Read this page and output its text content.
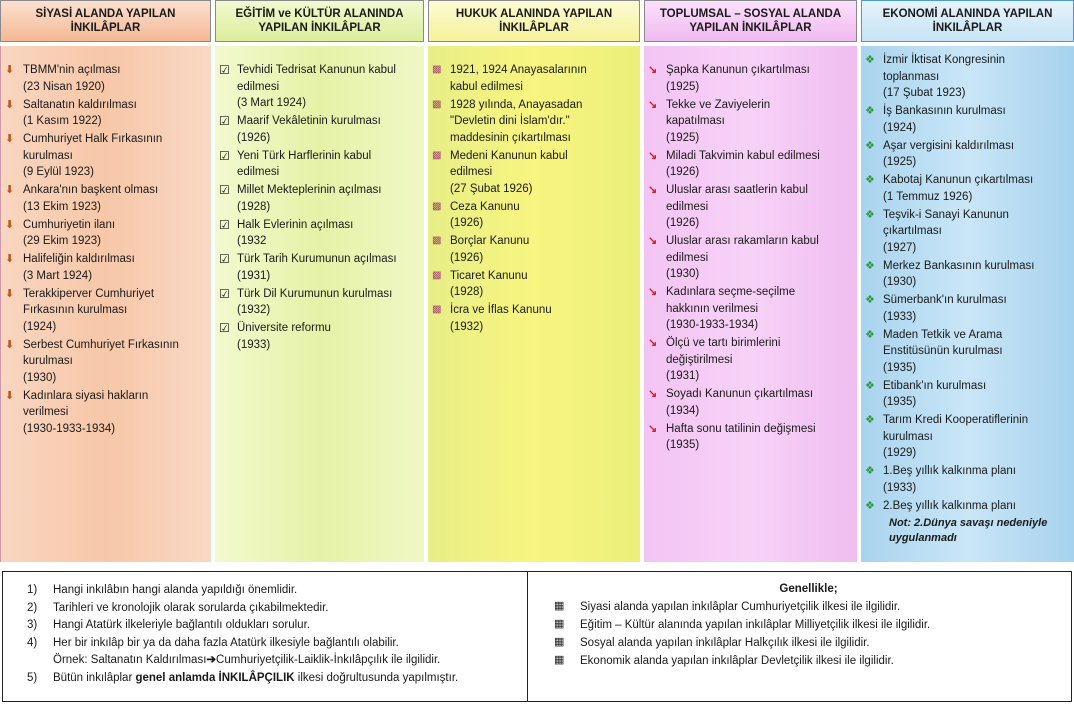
SİYASİ ALANDA YAPILAN
İNKILÂPLAR
⬇ TBMM'nin açılması
(23 Nisan 1920)
⬇ Saltanatın kaldırılması
(1 Kasım 1922)
⬇ Cumhuriyet Halk Fırkasının
kurulması
(9 Eylül 1923)
⬇ Ankara'nın başkent olması
(13 Ekim 1923)
⬇ Cumhuriyetin ilanı
(29 Ekim 1923)
⬇ Halifeliğin kaldırılması
(3 Mart 1924)
⬇ Terakkiperver Cumhuriyet
Fırkasının kurulması
(1924)
⬇ Serbest Cumhuriyet Fırkasının
kurulması
(1930)
⬇ Kadınlara siyasi hakların
verilmesi
(1930-1933-1934)
EĞİTİM ve KÜLTÜR ALANINDA
YAPILAN İNKILÂPLAR
☑ Tevhidi Tedrisat Kanunun kabul
edilmesi
(3 Mart 1924)
☑ Maarif Vekâletinin kurulması
(1926)
☑ Yeni Türk Harflerinin kabul
edilmesi
☑ Millet Mekteplerinin açılması
(1928)
☑ Halk Evlerinin açılması
(1932
☑ Türk Tarih Kurumunun açılması
(1931)
☑ Türk Dil Kurumunun kurulması
(1932)
☑ Üniversite reformu
(1933)
HUKUK ALANINDA YAPILAN
İNKILÂPLAR
▩ 1921, 1924 Anayasalarının
kabul edilmesi
▩ 1928 yılında, Anayasadan
"Devletin dini İslam'dır."
maddesinin çıkartılması
▩ Medeni Kanunun kabul
edilmesi
(27 Şubat 1926)
▩ Ceza Kanunu
(1926)
▩ Borçlar Kanunu
(1926)
▩ Ticaret Kanunu
(1928)
▩ İcra ve İflas Kanunu
(1932)
TOPLUMSAL – SOSYAL ALANDA
YAPILAN İNKILÂPLAR
↘ Şapka Kanunun çıkartılması
(1925)
↘ Tekke ve Zaviyelerin
kapatılması
(1925)
↘ Miladi Takvimin kabul edilmesi
(1926)
↘ Uluslar arası saatlerin kabul
edilmesi
(1926)
↘ Uluslar arası rakamların kabul
edilmesi
(1930)
↘ Kadınlara seçme-seçilme
hakkının verilmesi
(1930-1933-1934)
↘ Ölçü ve tartı birimlerini
değiştirilmesi
(1931)
↘ Soyadı Kanunun çıkartılması
(1934)
↘ Hafta sonu tatilinin değişmesi
(1935)
EKONOMİ ALANINDA YAPILAN
İNKILÂPLAR
❖ İzmir İktisat Kongresinin
toplanması
(17 Şubat 1923)
❖ İş Bankasının kurulması
(1924)
❖ Aşar vergisini kaldırılması
(1925)
❖ Kabotaj Kanunun çıkartılması
(1 Temmuz 1926)
❖ Teşvik-i Sanayi Kanunun
çıkartılması
(1927)
❖ Merkez Bankasının kurulması
(1930)
❖ Sümerbank'ın kurulması
(1933)
❖ Maden Tetkik ve Arama
Enstitüsünün kurulması
(1935)
❖ Etibank'ın kurulması
(1935)
❖ Tarım Kredi Kooperatiflerinin
kurulması
(1929)
❖ 1.Beş yıllık kalkınma planı
(1933)
❖ 2.Beş yıllık kalkınma planı
Not: 2.Dünya savaşı nedeniyle
uygulanmadı
1)	Hangi inkılâbın hangi alanda yapıldığı önemlidir.
2)	Tarihleri ve kronolojik olarak sorularda çıkabilmektedir.
3)	Hangi Atatürk ilkeleriyle bağlantılı oldukları sorulur.
4)	Her bir inkılâp bir ya da daha fazla Atatürk ilkesiyle bağlantılı olabilir.
Örnek: Saltanatın Kaldırılması➔Cumhuriyetçilik-Laiklik-İnkılâpçılık ile ilgilidir.
5)	Bütün inkılâplar genel anlamda İNKILÂPÇILIK ilkesi doğrultusunda yapılmıştır.
Genellikle;
▦	Siyasi alanda yapılan inkılâplar Cumhuriyetçilik ilkesi ile ilgilidir.
▦	Eğitim – Kültür alanında yapılan inkılâplar Milliyetçilik ilkesi ile ilgilidir.
▦	Sosyal alanda yapılan inkılâplar Halkçılık ilkesi ile ilgilidir.
▦	Ekonomik alanda yapılan inkılâplar Devletçilik ilkesi ile ilgilidir.
